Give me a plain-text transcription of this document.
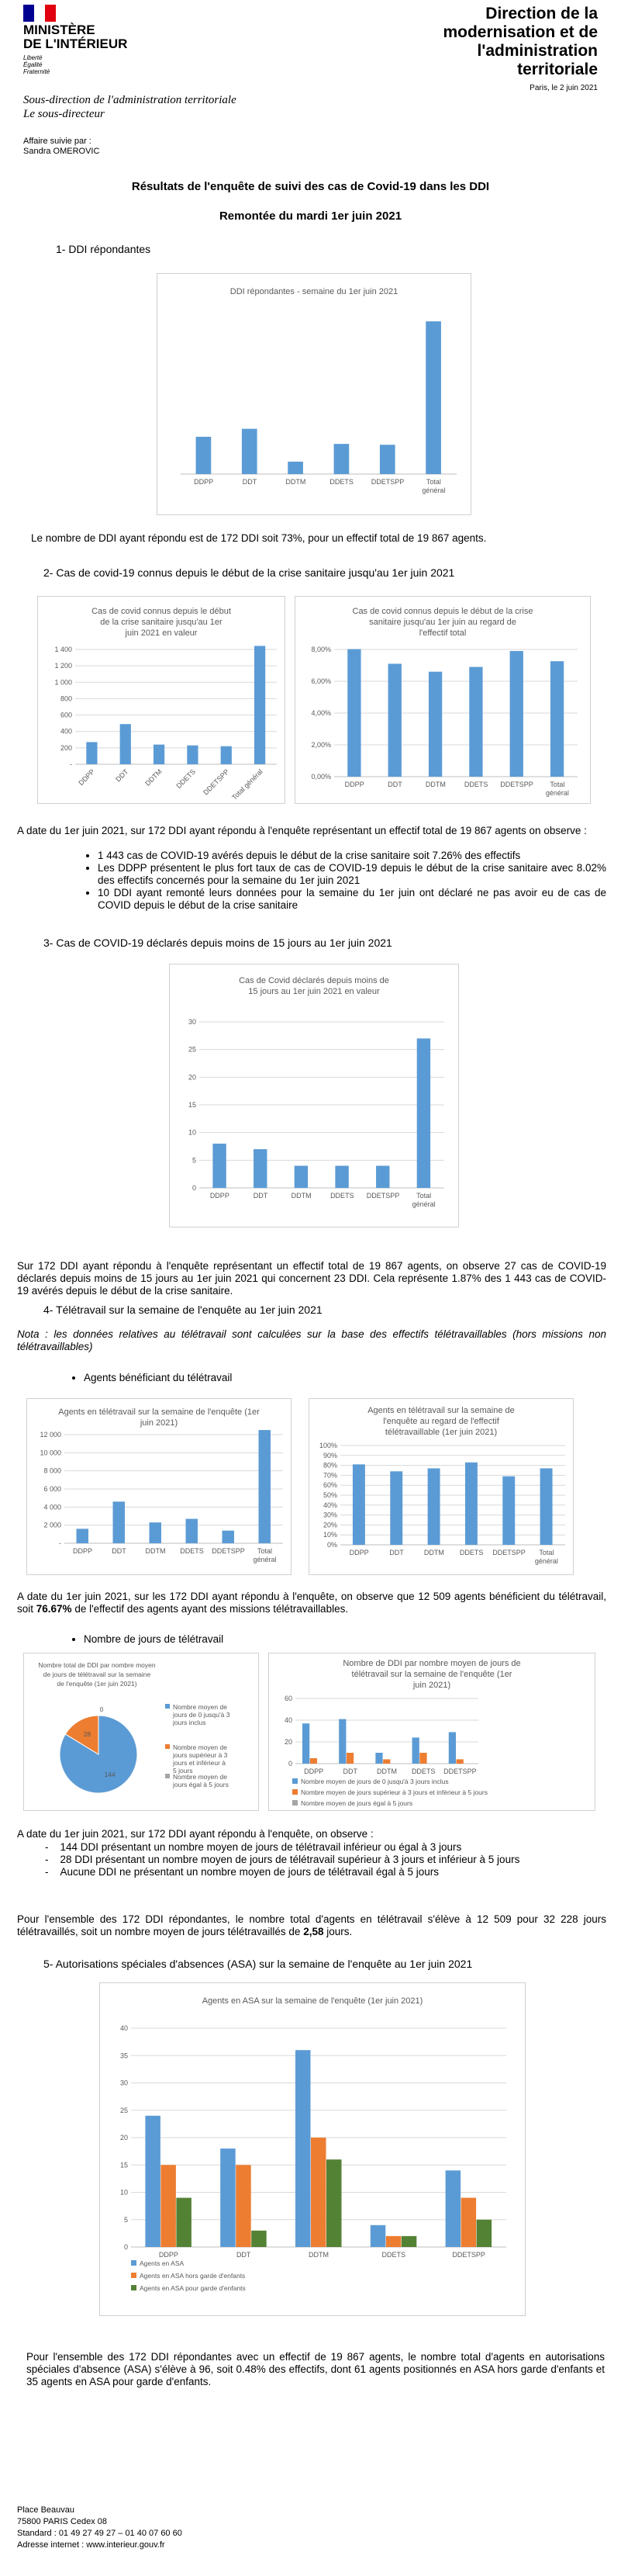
MINISTÈRE
DE L'INTÉRIEUR
Liberté
Égalité
Fraternité
Direction de la
modernisation et de
l'administration territoriale
Paris, le 2 juin 2021
Sous-direction de l'administration territoriale
Le sous-directeur
Affaire suivie par :
Sandra OMEROVIC
Résultats de l'enquête de suivi des cas de Covid-19 dans les DDI
Remontée du mardi 1er juin 2021
1- DDI répondantes
DDI répondantes - semaine du 1er juin 2021
DDPP	DDT	DDTM	DDETS	DDETSPP	Total
général
Le nombre de DDI ayant répondu est de 172 DDI soit 73%, pour un effectif total de 19 867 agents.
2- Cas de covid-19 connus depuis le début de la crise sanitaire jusqu'au 1er juin 2021
Cas de covid connus depuis le début
de la crise sanitaire jusqu'au 1er
juin 2021 en valeur
-
200
400
600
800
1 000
1 200
1 400
DDPP	DDT DDTM DDETS DDETSPP Total général
Cas de covid connus depuis le début de la crise
sanitaire jusqu'au 1er juin au regard de
l'effectif total
0,00%
2,00%
4,00%
6,00%
8,00%
DDPP	DDT	DDTM	DDETS DDETSPP Total
général
A date du 1er juin 2021, sur 172 DDI ayant répondu à l'enquête représentant un effectif total de 19 867 agents on observe :
• 1 443 cas de COVID-19 avérés depuis le début de la crise sanitaire soit 7.26% des effectifs
• Les DDPP présentent le plus fort taux de cas de COVID-19 depuis le début de la crise sanitaire avec 8.02% des effectifs concernés pour la semaine du 1er juin 2021
• 10 DDI ayant remonté leurs données pour la semaine du 1er juin ont déclaré ne pas avoir eu de cas de COVID depuis le début de la crise sanitaire
3- Cas de COVID-19 déclarés depuis moins de 15 jours au 1er juin 2021
Cas de Covid déclarés depuis moins de
15 jours au 1er juin 2021 en valeur
0
5
10
15
20
25
30
DDPP	DDT	DDTM	DDETS DDETSPP Total
général
Sur 172 DDI ayant répondu à l'enquête représentant un effectif total de 19 867 agents, on observe 27 cas de COVID-19 déclarés depuis moins de 15 jours au 1er juin 2021 qui concernent 23 DDI. Cela représente 1.87% des 1 443 cas de COVID-19 avérés depuis le début de la crise sanitaire.
4- Télétravail sur la semaine de l'enquête au 1er juin 2021
Nota : les données relatives au télétravail sont calculées sur la base des effectifs télétravaillables (hors missions non télétravaillables)
• Agents bénéficiant du télétravail
Agents en télétravail sur la semaine de l'enquête (1er
juin 2021)
-
2 000
4 000
6 000
8 000
10 000
12 000
DDPP	DDT	DDTM DDETS DDETSPP Total
général
Agents en télétravail sur la semaine de
l'enquête au regard de l'effectif
télétravaillable (1er juin 2021)
0%
10%
20%
30%
40%
50%
60%
70%
80%
90%
100%
DDPP	DDT	DDTM DDETS DDETSPP Total
général
A date du 1er juin 2021, sur les 172 DDI ayant répondu à l'enquête, on observe que 12 509 agents bénéficient du télétravail, soit 76.67% de l'effectif des agents ayant des missions télétravaillables.
• Nombre de jours de télétravail
Nombre total de DDI par nombre moyen
de jours de télétravail sur la semaine
de l'enquête (1er juin 2021)
144
28
0	Nombre moyen de jours de 0 jusqu'à 3 jours inclus
Nombre moyen de jours supérieur à 3 jours et inférieur à 5 jours
Nombre moyen de jours égal à 5 jours
Nombre de DDI par nombre moyen de jours de
télétravail sur la semaine de l'enquête (1er
juin 2021)
0
20
40
60
DDPP	DDT	DDTM DDETS DDETSPP
Nombre moyen de jours de 0 jusqu'à 3 jours inclus
Nombre moyen de jours supérieur à 3 jours et inférieur à 5 jours
Nombre moyen de jours égal à 5 jours
A date du 1er juin 2021, sur 172 DDI ayant répondu à l'enquête, on observe :
-    144 DDI présentant un nombre moyen de jours de télétravail inférieur ou égal à 3 jours
-    28 DDI présentant un nombre moyen de jours de télétravail supérieur à 3 jours et inférieur à 5 jours
-    Aucune DDI ne présentant un nombre moyen de jours de télétravail égal à 5 jours
Pour l'ensemble des 172 DDI répondantes, le nombre total d'agents en télétravail s'élève à 12 509 pour 32 228 jours télétravaillés, soit un nombre moyen de jours télétravaillés de 2,58 jours.
5- Autorisations spéciales d'absences (ASA) sur la semaine de l'enquête au 1er juin 2021
Agents en ASA sur la semaine de l'enquête (1er juin 2021)
0
5
10
15
20
25
30
35
40
DDPP	DDT	DDTM	DDETS	DDETSPP
Agents en ASA
Agents en ASA hors garde d'enfants
Agents en ASA pour garde d'enfants
Pour l'ensemble des 172 DDI répondantes avec un effectif de 19 867 agents, le nombre total d'agents en autorisations spéciales d'absence (ASA) s'élève à 96, soit 0.48% des effectifs, dont 61 agents positionnés en ASA hors garde d'enfants et 35 agents en ASA pour garde d'enfants.
Place Beauvau
75800 PARIS Cedex 08
Standard : 01 49 27 49 27 – 01 40 07 60 60
Adresse internet : www.interieur.gouv.fr
